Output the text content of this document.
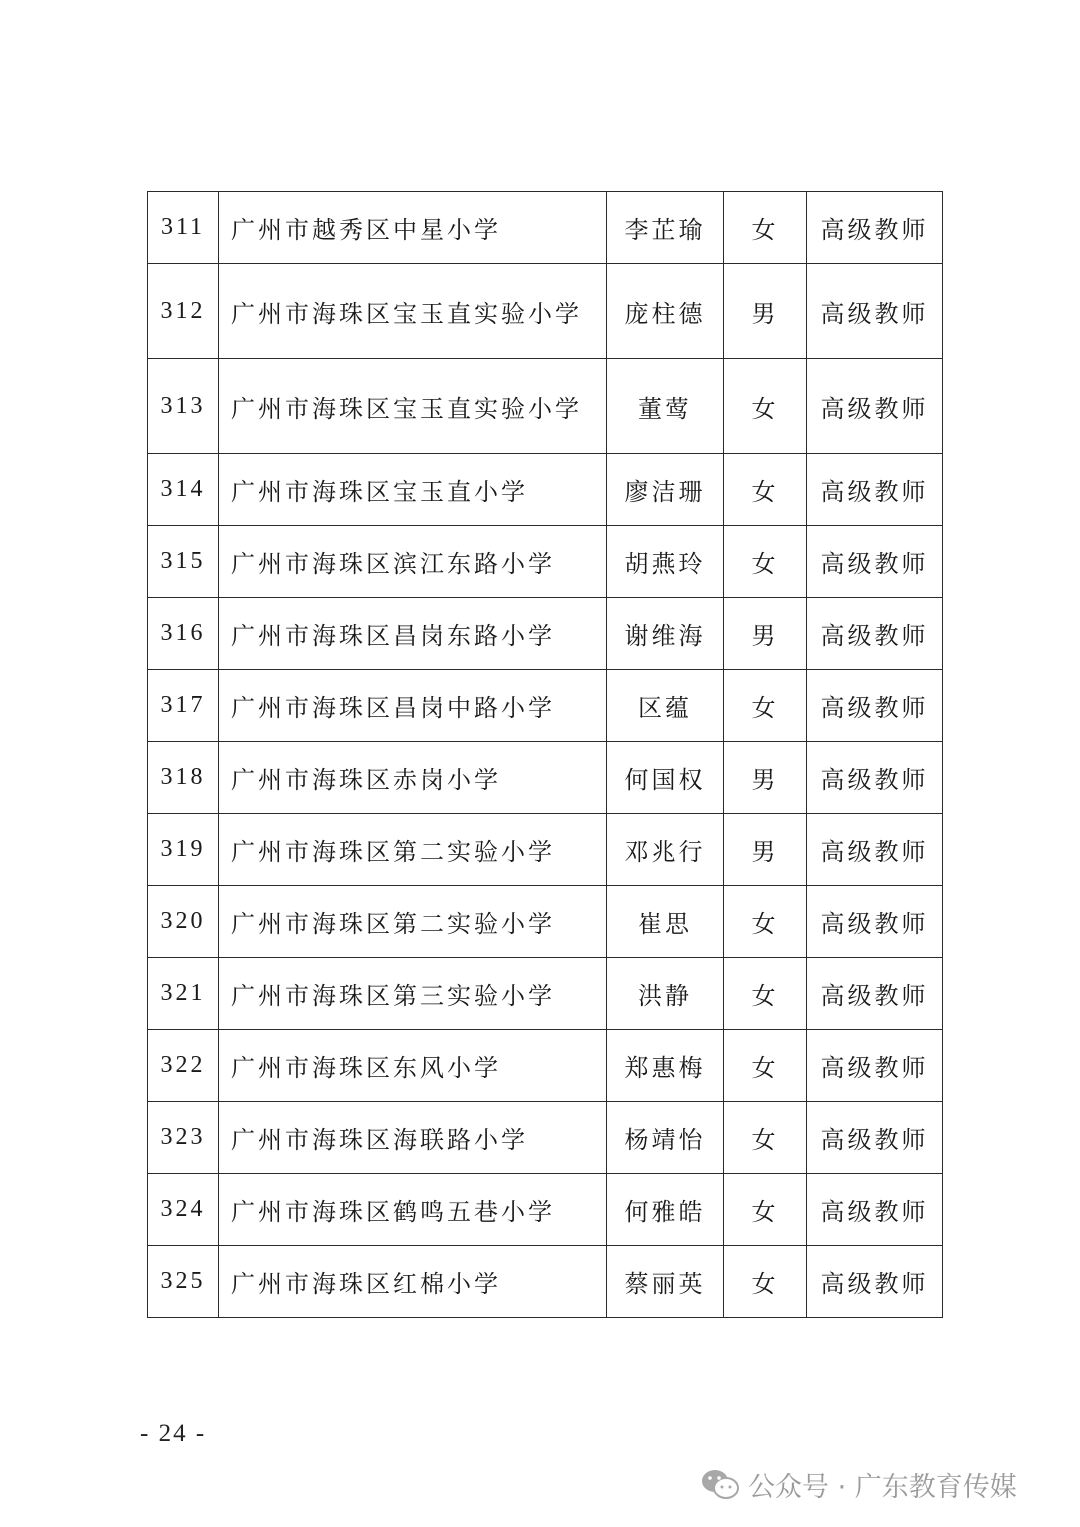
311	广州市越秀区中星小学	李芷瑜	女	高级教师
312	广州市海珠区宝玉直实验小学	庞柱德	男	高级教师
313	广州市海珠区宝玉直实验小学	董莺	女	高级教师
314	广州市海珠区宝玉直小学	廖洁珊	女	高级教师
315	广州市海珠区滨江东路小学	胡燕玲	女	高级教师
316	广州市海珠区昌岗东路小学	谢维海	男	高级教师
317	广州市海珠区昌岗中路小学	区蕴	女	高级教师
318	广州市海珠区赤岗小学	何国权	男	高级教师
319	广州市海珠区第二实验小学	邓兆行	男	高级教师
320	广州市海珠区第二实验小学	崔思	女	高级教师
321	广州市海珠区第三实验小学	洪静	女	高级教师
322	广州市海珠区东风小学	郑惠梅	女	高级教师
323	广州市海珠区海联路小学	杨靖怡	女	高级教师
324	广州市海珠区鹤鸣五巷小学	何雅皓	女	高级教师
325	广州市海珠区红棉小学	蔡丽英	女	高级教师
- 24 -
公众号 · 广东教育传媒
